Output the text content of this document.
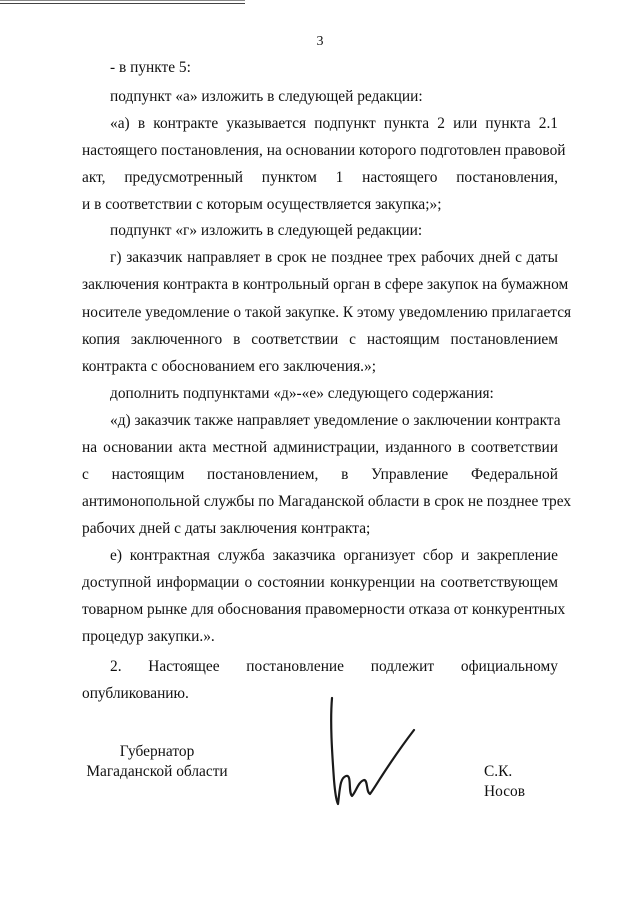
3
- в пункте 5:
подпункт «а» изложить в следующей редакции:
«а) в контракте указывается подпункт пункта 2 или пункта 2.1
настоящего постановления, на основании которого подготовлен правовой
акт, предусмотренный пунктом 1 настоящего постановления,
и в соответствии с которым осуществляется закупка;»;
подпункт «г» изложить в следующей редакции:
г) заказчик направляет в срок не позднее трех рабочих дней с даты
заключения контракта в контрольный орган в сфере закупок на бумажном
носителе уведомление о такой закупке. К этому уведомлению прилагается
копия заключенного в соответствии с настоящим постановлением
контракта с обоснованием его заключения.»;
дополнить подпунктами «д»-«е» следующего содержания:
«д) заказчик также направляет уведомление о заключении контракта
на основании акта местной администрации, изданного в соответствии
с настоящим постановлением, в Управление Федеральной
антимонопольной службы по Магаданской области в срок не позднее трех
рабочих дней с даты заключения контракта;
е) контрактная служба заказчика организует сбор и закрепление
доступной информации о состоянии конкуренции на соответствующем
товарном рынке для обоснования правомерности отказа от конкурентных
процедур закупки.».
2. Настоящее постановление подлежит официальному
опубликованию.
Губернатор
Магаданской области	С.К. Носов
